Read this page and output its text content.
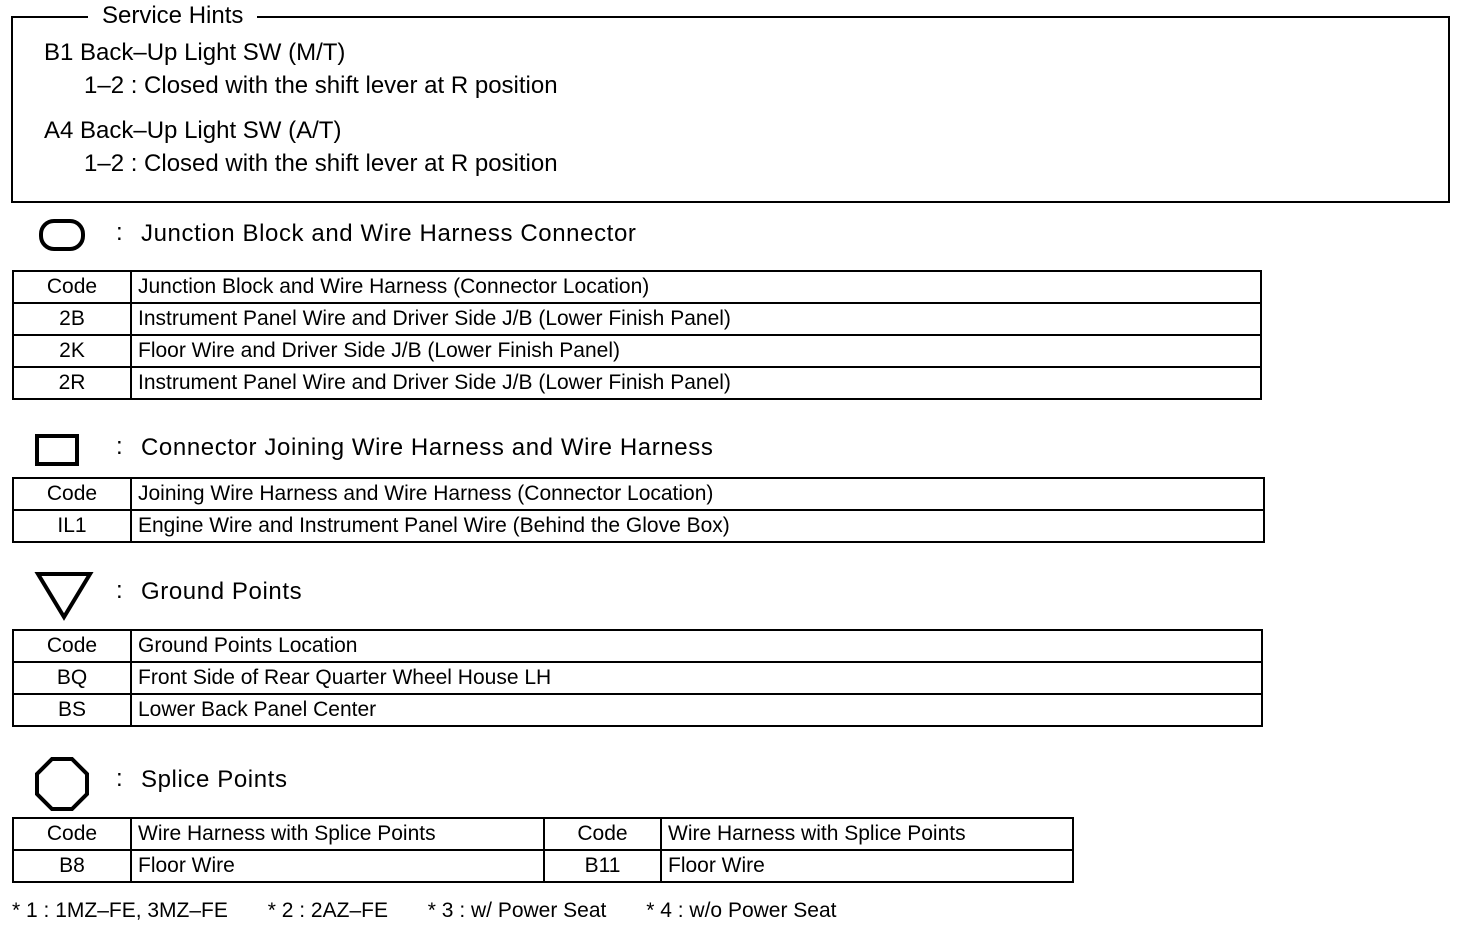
Service Hints
B1 Back–Up Light SW (M/T)
1–2 : Closed with the shift lever at R position
A4 Back–Up Light SW (A/T)
1–2 : Closed with the shift lever at R position
: Junction Block and Wire Harness Connector
Code	Junction Block and Wire Harness (Connector Location)
2B	Instrument Panel Wire and Driver Side J/B (Lower Finish Panel)
2K	Floor Wire and Driver Side J/B (Lower Finish Panel)
2R	Instrument Panel Wire and Driver Side J/B (Lower Finish Panel)
: Connector Joining Wire Harness and Wire Harness
Code	Joining Wire Harness and Wire Harness (Connector Location)
IL1	Engine Wire and Instrument Panel Wire (Behind the Glove Box)
: Ground Points
Code	Ground Points Location
BQ	Front Side of Rear Quarter Wheel House LH
BS	Lower Back Panel Center
: Splice Points
Code	Wire Harness with Splice Points	Code	Wire Harness with Splice Points
B8	Floor Wire	B11	Floor Wire
* 1 : 1MZ–FE, 3MZ–FE * 2 : 2AZ–FE * 3 : w/ Power Seat * 4 : w/o Power Seat
